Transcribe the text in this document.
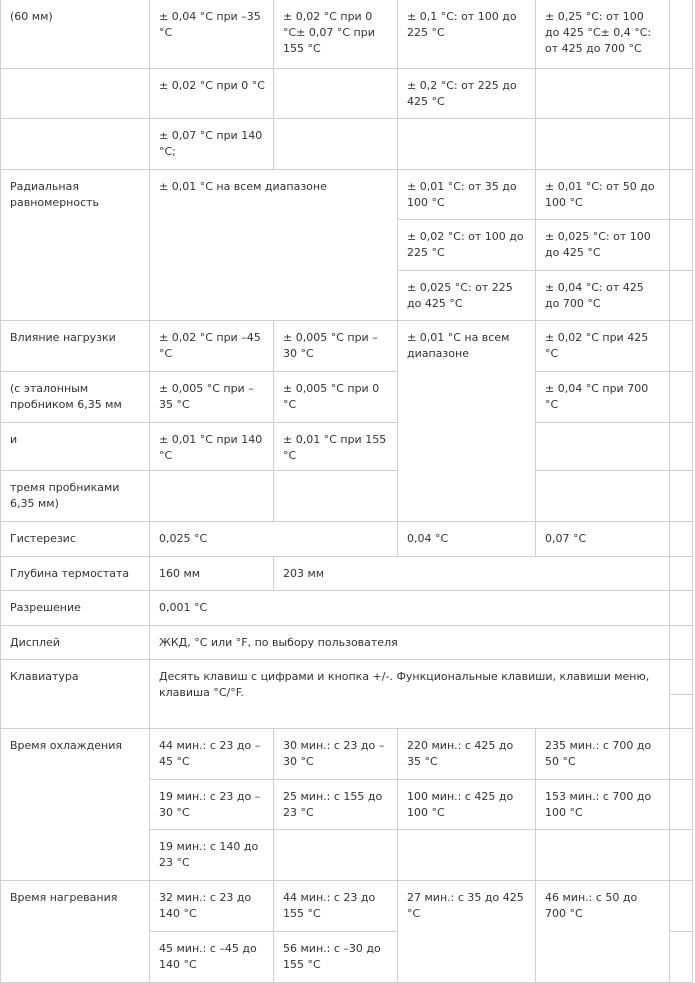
(60 мм)	± 0,04 °C при –35 °C	± 0,02 °C при 0 °C± 0,07 °C при 155 °C	± 0,1 °C: от 100 до 225 °C	± 0,25 °C: от 100 до 425 °C± 0,4 °C: от 425 до 700 °C	
	± 0,02 °C при 0 °C		± 0,2 °C: от 225 до 425 °C		
	± 0,07 °C при 140 °C;				
Радиальная равномерность	± 0,01 °C на всем диапазоне		± 0,01 °C: от 35 до 100 °C	± 0,01 °C: от 50 до 100 °C	
			± 0,02 °C: от 100 до 225 °C	± 0,025 °C: от 100 до 425 °C	
			± 0,025 °C: от 225 до 425 °C	± 0,04 °C: от 425 до 700 °C	
Влияние нагрузки	± 0,02 °C при –45 °C	± 0,005 °C при –30 °C	± 0,01 °C на всем диапазоне	± 0,02 °C при 425 °C	
(с эталонным пробником 6,35 мм	± 0,005 °C при –35 °C	± 0,005 °C при 0 °C		± 0,04 °C при 700 °C	
и	± 0,01 °C при 140 °C	± 0,01 °C при 155 °C			
тремя пробниками 6,35 мм)					
Гистерезис	0,025 °C		0,04 °C	0,07 °C	
Глубина термостата	160 мм	203 мм			
Разрешение	0,001 °C				
Дисплей	ЖКД, °C или °F, по выбору пользователя				
Клавиатура	Десять клавиш с цифрами и кнопка +/-. Функциональные клавиши, клавиши меню, клавиша °C/°F.				

Время охлаждения	44 мин.: с 23 до –45 °C	30 мин.: с 23 до –30 °C	220 мин.: с 425 до 35 °C	235 мин.: с 700 до 50 °C	
	19 мин.: с 23 до –30 °C	25 мин.: с 155 до 23 °C	100 мин.: с 425 до 100 °C	153 мин.: с 700 до 100 °C	
	19 мин.: с 140 до 23 °C				
Время нагревания	32 мин.: с 23 до 140 °C	44 мин.: с 23 до 155 °C	27 мин.: с 35 до 425 °C	46 мин.: с 50 до 700 °C	
	45 мин.: с –45 до 140 °C	56 мин.: с –30 до 155 °C			
